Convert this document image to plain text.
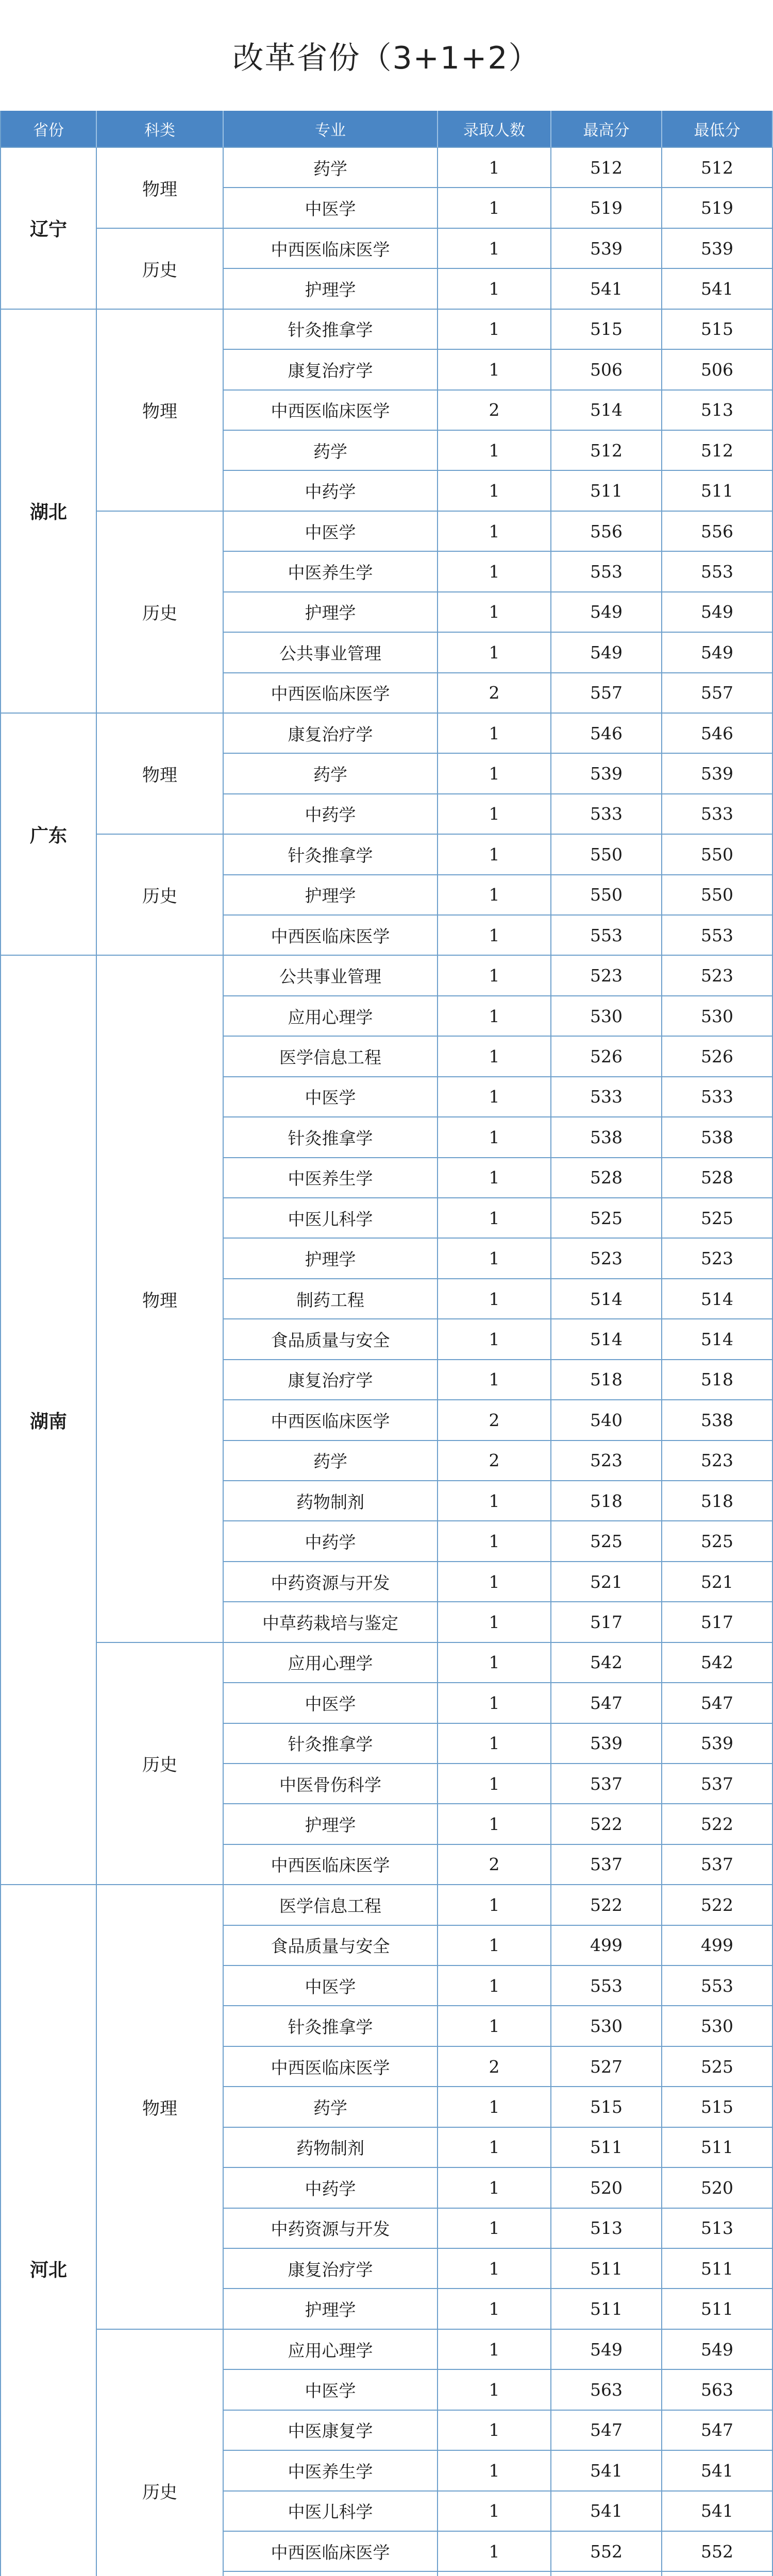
改革省份（3+1+2）
省份	科类	专业	录取人数	最高分	最低分
辽宁
物理
药学	1	512	512
中医学	1	519	519
历史
中西医临床医学	1	539	539
护理学	1	541	541
湖北
物理
针灸推拿学	1	515	515
康复治疗学	1	506	506
中西医临床医学	2	514	513
药学	1	512	512
中药学	1	511	511
历史
中医学	1	556	556
中医养生学	1	553	553
护理学	1	549	549
公共事业管理	1	549	549
中西医临床医学	2	557	557
广东
物理
康复治疗学	1	546	546
药学	1	539	539
中药学	1	533	533
历史
针灸推拿学	1	550	550
护理学	1	550	550
中西医临床医学	1	553	553
湖南
物理
公共事业管理	1	523	523
应用心理学	1	530	530
医学信息工程	1	526	526
中医学	1	533	533
针灸推拿学	1	538	538
中医养生学	1	528	528
中医儿科学	1	525	525
护理学	1	523	523
制药工程	1	514	514
食品质量与安全	1	514	514
康复治疗学	1	518	518
中西医临床医学	2	540	538
药学	2	523	523
药物制剂	1	518	518
中药学	1	525	525
中药资源与开发	1	521	521
中草药栽培与鉴定	1	517	517
历史
应用心理学	1	542	542
中医学	1	547	547
针灸推拿学	1	539	539
中医骨伤科学	1	537	537
护理学	1	522	522
中西医临床医学	2	537	537
河北
物理
医学信息工程	1	522	522
食品质量与安全	1	499	499
中医学	1	553	553
针灸推拿学	1	530	530
中西医临床医学	2	527	525
药学	1	515	515
药物制剂	1	511	511
中药学	1	520	520
中药资源与开发	1	513	513
康复治疗学	1	511	511
护理学	1	511	511
历史
应用心理学	1	549	549
中医学	1	563	563
中医康复学	1	547	547
中医养生学	1	541	541
中医儿科学	1	541	541
中西医临床医学	1	552	552
